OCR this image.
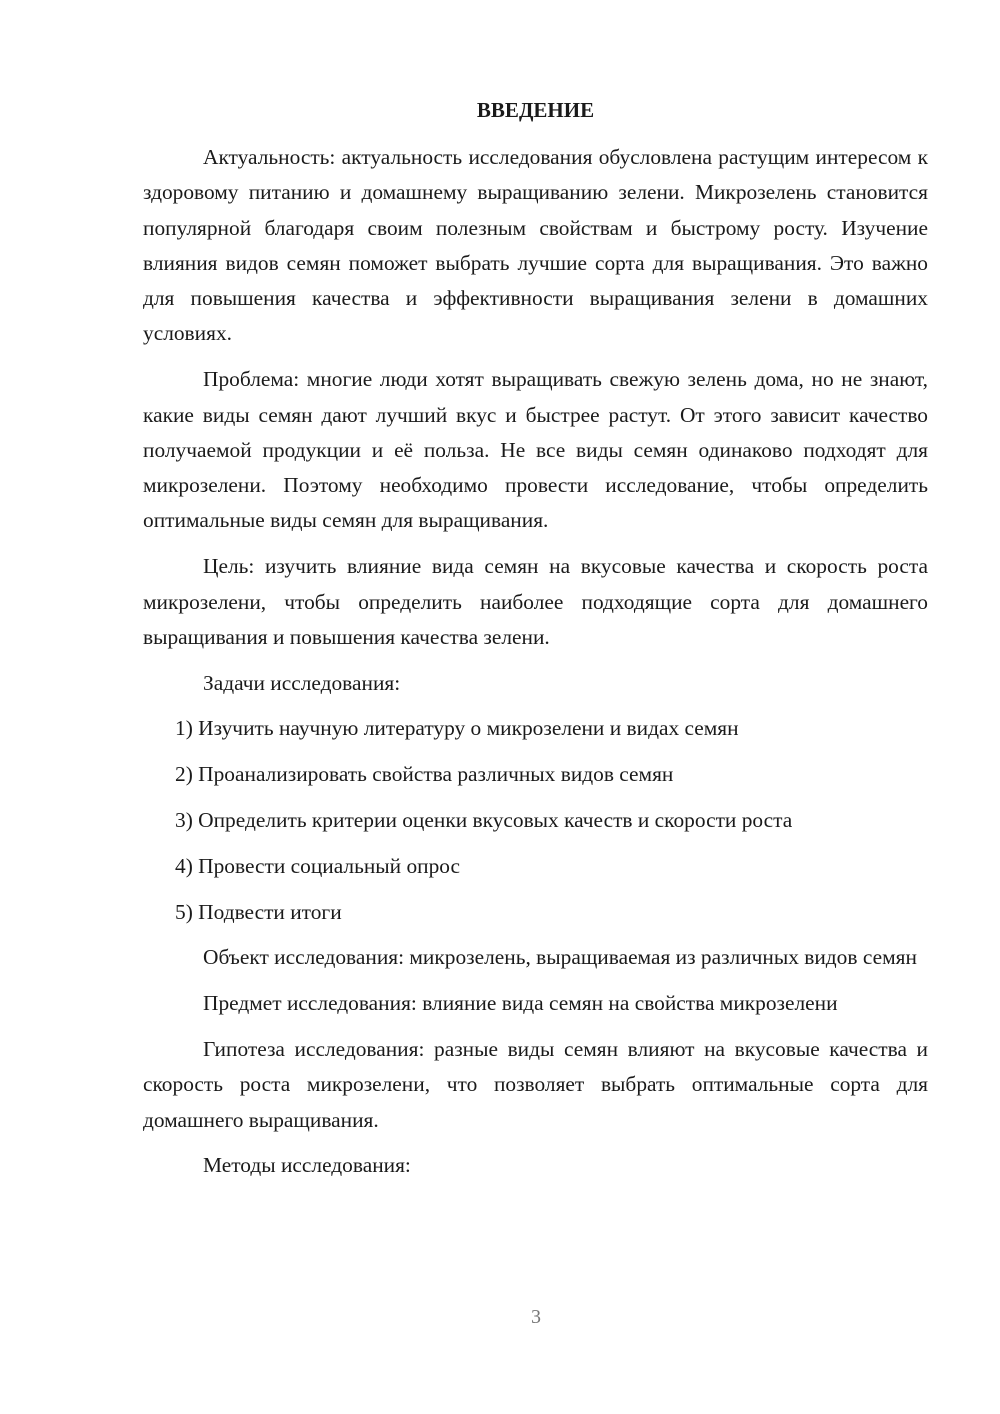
ВВЕДЕНИЕ

Актуальность: актуальность исследования обусловлена растущим интересом к здоровому питанию и домашнему выращиванию зелени. Микрозелень становится популярной благодаря своим полезным свойствам и быстрому росту. Изучение влияния видов семян поможет выбрать лучшие сорта для выращивания. Это важно для повышения качества и эффективности выращивания зелени в домашних условиях.

Проблема: многие люди хотят выращивать свежую зелень дома, но не знают, какие виды семян дают лучший вкус и быстрее растут. От этого зависит качество получаемой продукции и её польза. Не все виды семян одинаково подходят для микрозелени. Поэтому необходимо провести исследование, чтобы определить оптимальные виды семян для выращивания.

Цель: изучить влияние вида семян на вкусовые качества и скорость роста микрозелени, чтобы определить наиболее подходящие сорта для домашнего выращивания и повышения качества зелени.

Задачи исследования:

1) Изучить научную литературу о микрозелени и видах семян

2) Проанализировать свойства различных видов семян

3) Определить критерии оценки вкусовых качеств и скорости роста

4) Провести социальный опрос

5) Подвести итоги

Объект исследования: микрозелень, выращиваемая из различных видов семян

Предмет исследования: влияние вида семян на свойства микрозелени

Гипотеза исследования: разные виды семян влияют на вкусовые качества и скорость роста микрозелени, что позволяет выбрать оптимальные сорта для домашнего выращивания.

Методы исследования:

3
